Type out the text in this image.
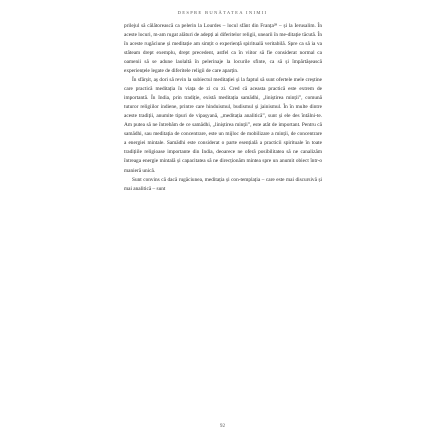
DESPRE BUNĂTATEA INIMII

prilejul să călătorească ca pelerin la Lourdes – locul sfânt din Franța²⁸ – și la Ierusalim. În aceste locuri, m-am rugat alături de adepți ai diferitelor religii, unearii în me-ditație tăcută. În în aceste rugăciune și meditație am simțit o experiență spirituală veritabilă. Spre ca să ia va stăteam drept exemplu, drept precedent, astfel ca în viitor să fie considerat normal ca oamenii să se adune laolaltă în pelerinaje la locurile sfinte, ca să și împărtășească experiențele legate de diferitele religii de care aparțin.

În sfârșit, aș dori să revin la subiectul meditației și la faptul să sunt ofertele mele creștine care practică meditația în viața de zi cu zi. Cred că aceasta practică este extrem de importantă. În India, prin tradiție, există meditația samādhi, „liniștirea minții”, comună tuturor religiilor indiene, printre care hinduismul, budismul și jainismul. În în multe dintre aceste tradiții, anumite tipuri de vipașyanā, „meditația analitică”, sunt și ele des întâlni-te. Am putea să ne întrebăm de ce samādhi, „liniștirea minții”, este atât de important. Pentru că samādhi, sau meditația de concentrare, este un mijloc de mobilizare a minții, de concentrare a energiei mintale. Samādhi este considerat o parte esențială a practicii spirituale în toate tradițiile religioase importante din India, deoarece ne oferă posibilitatea să ne canalizăm întreaga energie mintală și capacitatea să ne direcționăm mintea spre un anumit obiect într-o manieră unică.

Sunt convins că dacă rugăciunea, meditația și con-templația – care este mai discursivă și mai analitică – sunt

92
